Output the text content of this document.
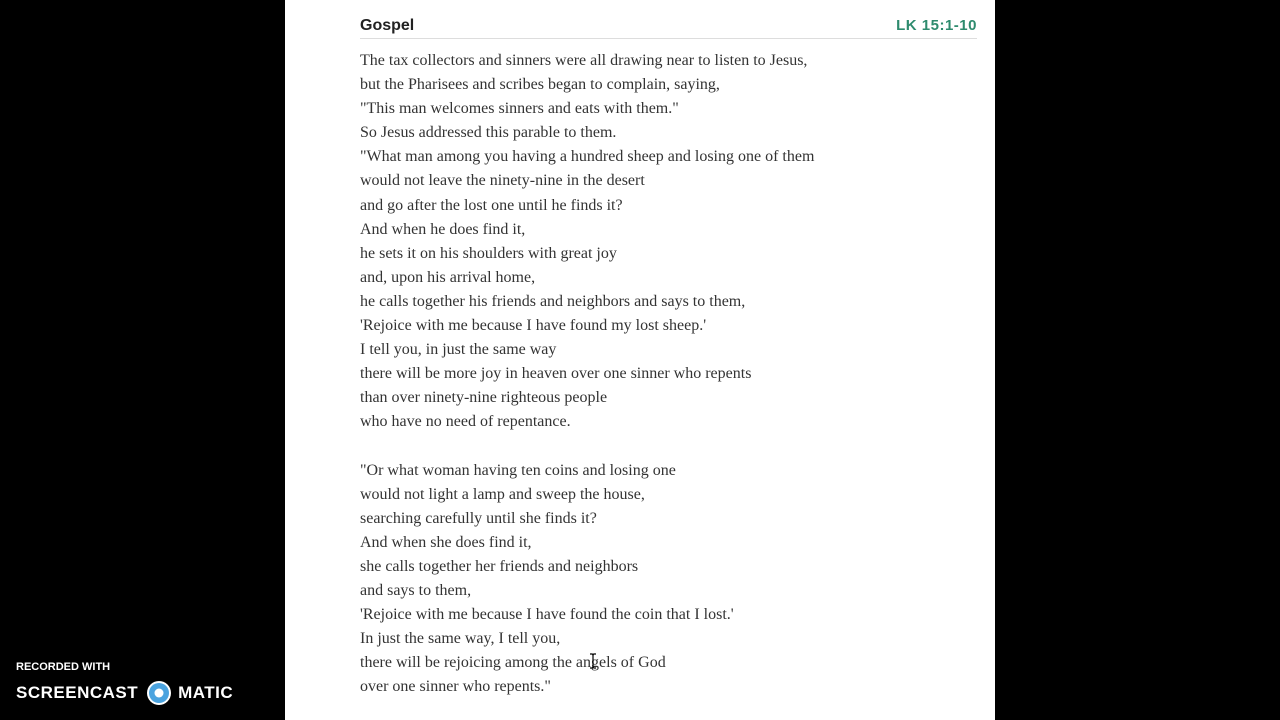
Gospel	LK 15:1-10
The tax collectors and sinners were all drawing near to listen to Jesus,
but the Pharisees and scribes began to complain, saying,
"This man welcomes sinners and eats with them."
So Jesus addressed this parable to them.
"What man among you having a hundred sheep and losing one of them
would not leave the ninety-nine in the desert
and go after the lost one until he finds it?
And when he does find it,
he sets it on his shoulders with great joy
and, upon his arrival home,
he calls together his friends and neighbors and says to them,
'Rejoice with me because I have found my lost sheep.'
I tell you, in just the same way
there will be more joy in heaven over one sinner who repents
than over ninety-nine righteous people
who have no need of repentance.
"Or what woman having ten coins and losing one
would not light a lamp and sweep the house,
searching carefully until she finds it?
And when she does find it,
she calls together her friends and neighbors
and says to them,
'Rejoice with me because I have found the coin that I lost.'
In just the same way, I tell you,
there will be rejoicing among the angels of God
over one sinner who repents."
RECORDED WITH
SCREENCAST MATIC
